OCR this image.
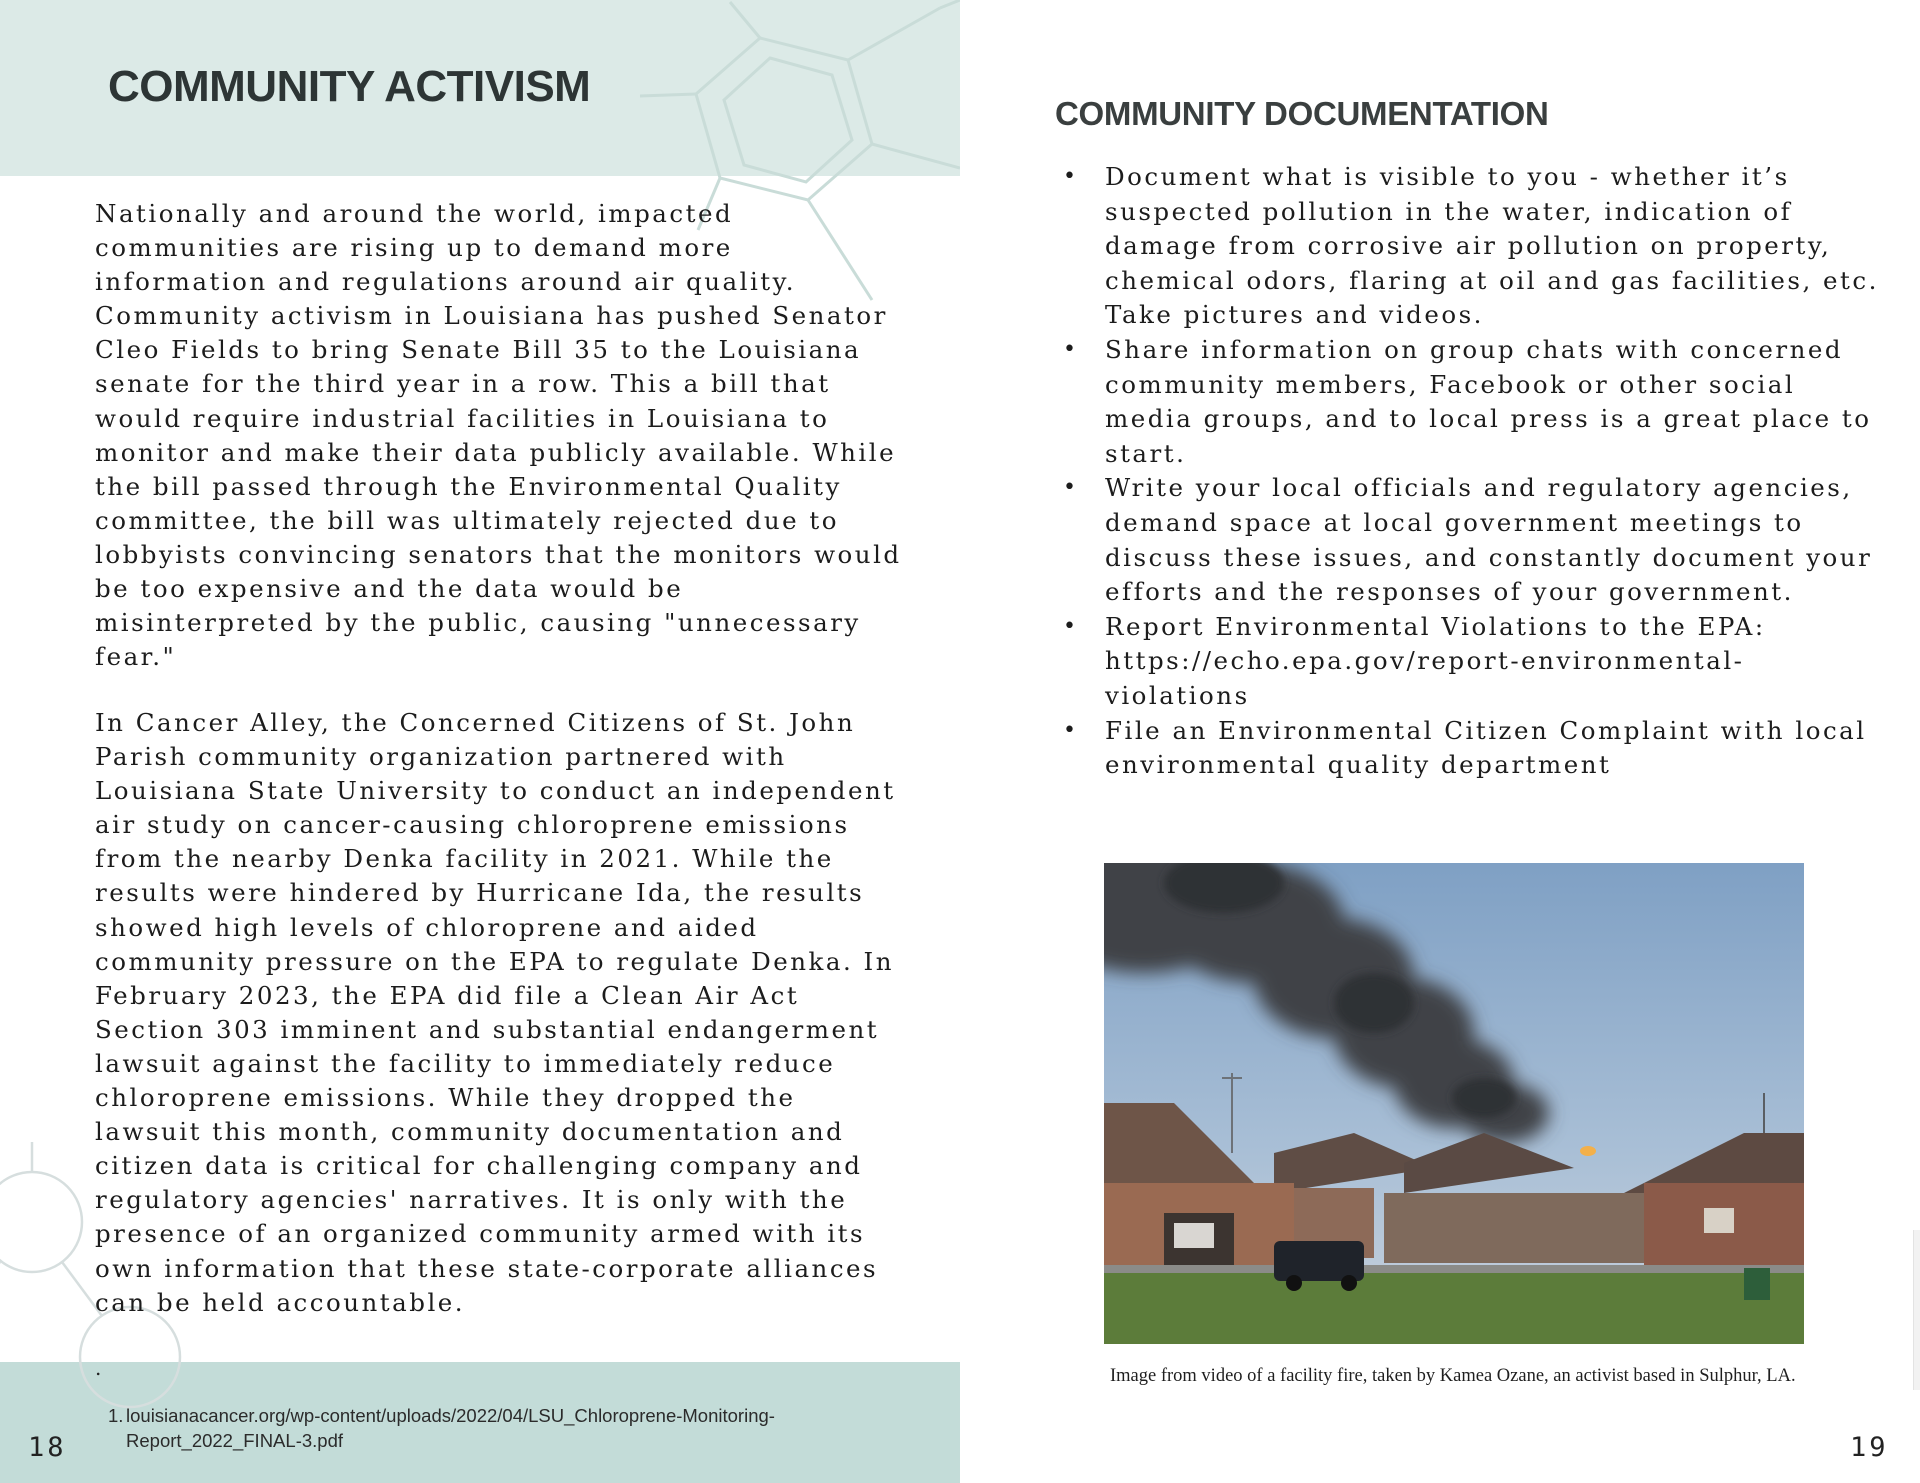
COMMUNITY ACTIVISM

Nationally and around the world, impacted communities are rising up to demand more information and regulations around air quality. Community activism in Louisiana has pushed Senator Cleo Fields to bring Senate Bill 35 to the Louisiana senate for the third year in a row. This a bill that would require industrial facilities in Louisiana to monitor and make their data publicly available. While the bill passed through the Environmental Quality committee, the bill was ultimately rejected due to lobbyists convincing senators that the monitors would be too expensive and the data would be misinterpreted by the public, causing "unnecessary fear."

In Cancer Alley, the Concerned Citizens of St. John Parish community organization partnered with Louisiana State University to conduct an independent air study on cancer-causing chloroprene emissions from the nearby Denka facility in 2021. While the results were hindered by Hurricane Ida, the results showed high levels of chloroprene and aided community pressure on the EPA to regulate Denka. In February 2023, the EPA did file a Clean Air Act Section 303 imminent and substantial endangerment lawsuit against the facility to immediately reduce chloroprene emissions. While they dropped the lawsuit this month, community documentation and citizen data is critical for challenging company and regulatory agencies' narratives. It is only with the presence of an organized community armed with its own information that these state-corporate alliances can be held accountable.

.
1. louisianacancer.org/wp-content/uploads/2022/04/LSU_Chloroprene-Monitoring-Report_2022_FINAL-3.pdf
18
COMMUNITY DOCUMENTATION
• Document what is visible to you - whether it’s suspected pollution in the water, indication of damage from corrosive air pollution on property, chemical odors, flaring at oil and gas facilities, etc. Take pictures and videos.
• Share information on group chats with concerned community members, Facebook or other social media groups, and to local press is a great place to start.
• Write your local officials and regulatory agencies, demand space at local government meetings to discuss these issues, and constantly document your efforts and the responses of your government.
• Report Environmental Violations to the EPA: https://echo.epa.gov/report-environmental-violations
• File an Environmental Citizen Complaint with local environmental quality department

Image from video of a facility fire, taken by Kamea Ozane, an activist based in Sulphur, LA.

19
